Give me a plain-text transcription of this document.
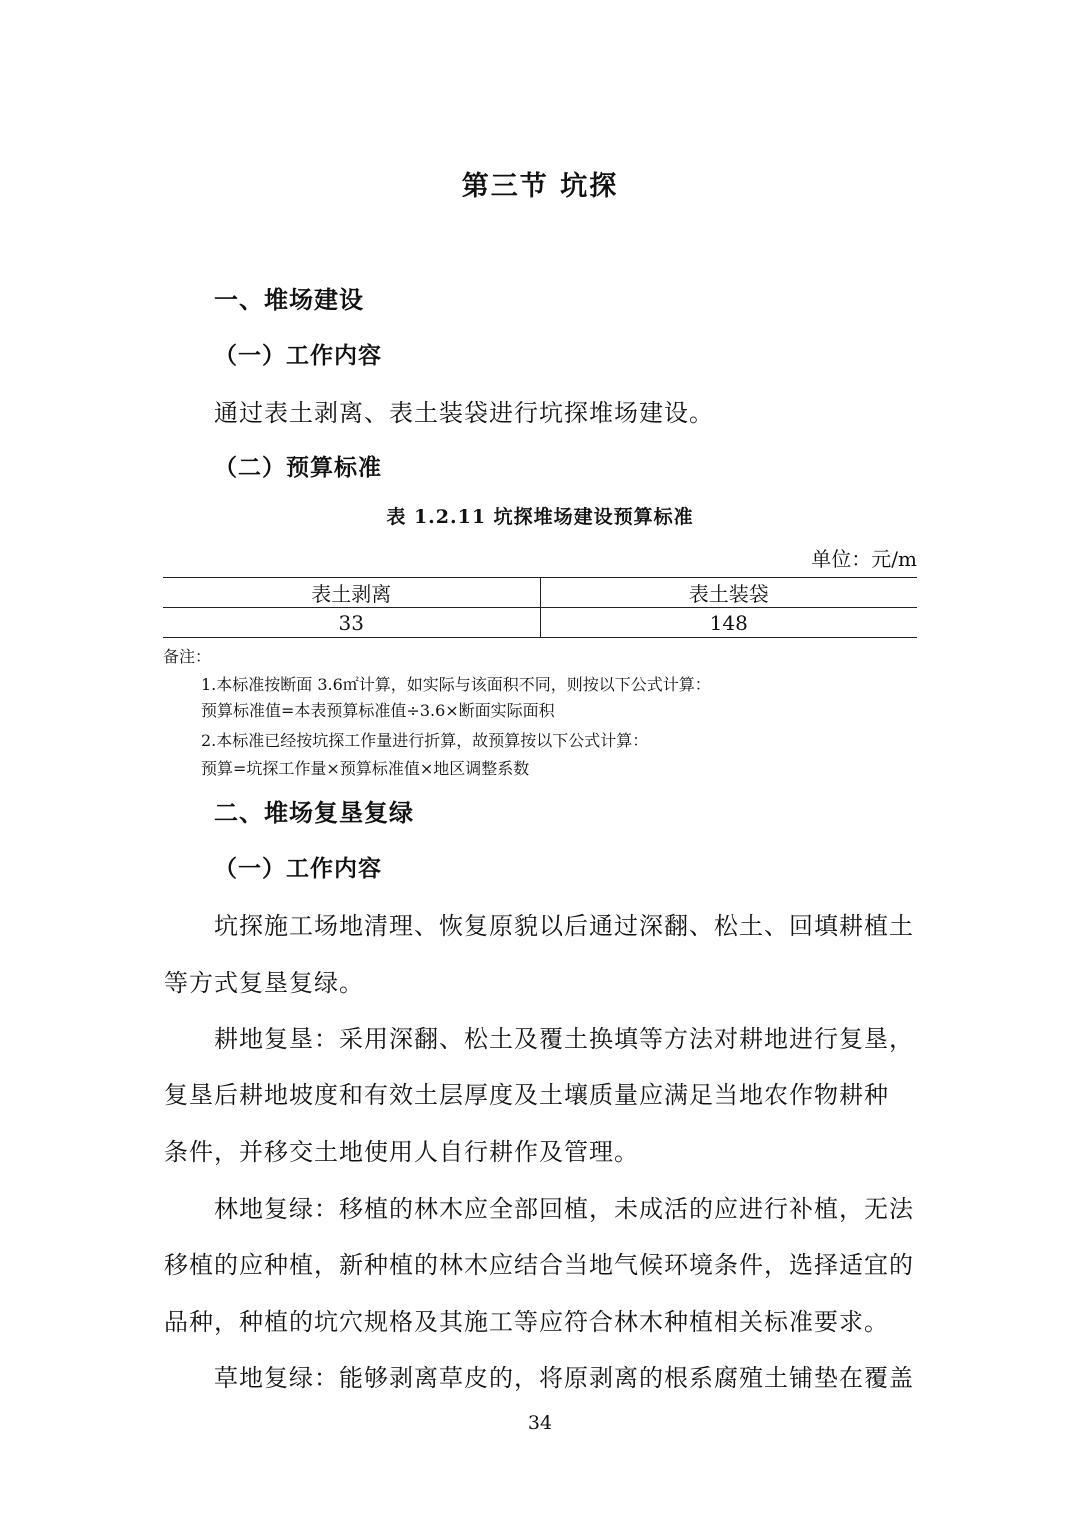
第三节 坑探
一、堆场建设
（一）工作内容
通过表土剥离、表土装袋进行坑探堆场建设。
（二）预算标准
表 1.2.11 坑探堆场建设预算标准
单位：元/m
表土剥离	表土装袋
33	148
备注：
1.本标准按断面 3.6㎡计算，如实际与该面积不同，则按以下公式计算：
预算标准值=本表预算标准值÷3.6×断面实际面积
2.本标准已经按坑探工作量进行折算，故预算按以下公式计算：
预算=坑探工作量×预算标准值×地区调整系数
二、堆场复垦复绿
（一）工作内容
坑探施工场地清理、恢复原貌以后通过深翻、松土、回填耕植土
等方式复垦复绿。
耕地复垦：采用深翻、松土及覆土换填等方法对耕地进行复垦，
复垦后耕地坡度和有效土层厚度及土壤质量应满足当地农作物耕种
条件，并移交土地使用人自行耕作及管理。
林地复绿：移植的林木应全部回植，未成活的应进行补植，无法
移植的应种植，新种植的林木应结合当地气候环境条件，选择适宜的
品种，种植的坑穴规格及其施工等应符合林木种植相关标准要求。
草地复绿：能够剥离草皮的，将原剥离的根系腐殖土铺垫在覆盖
34
